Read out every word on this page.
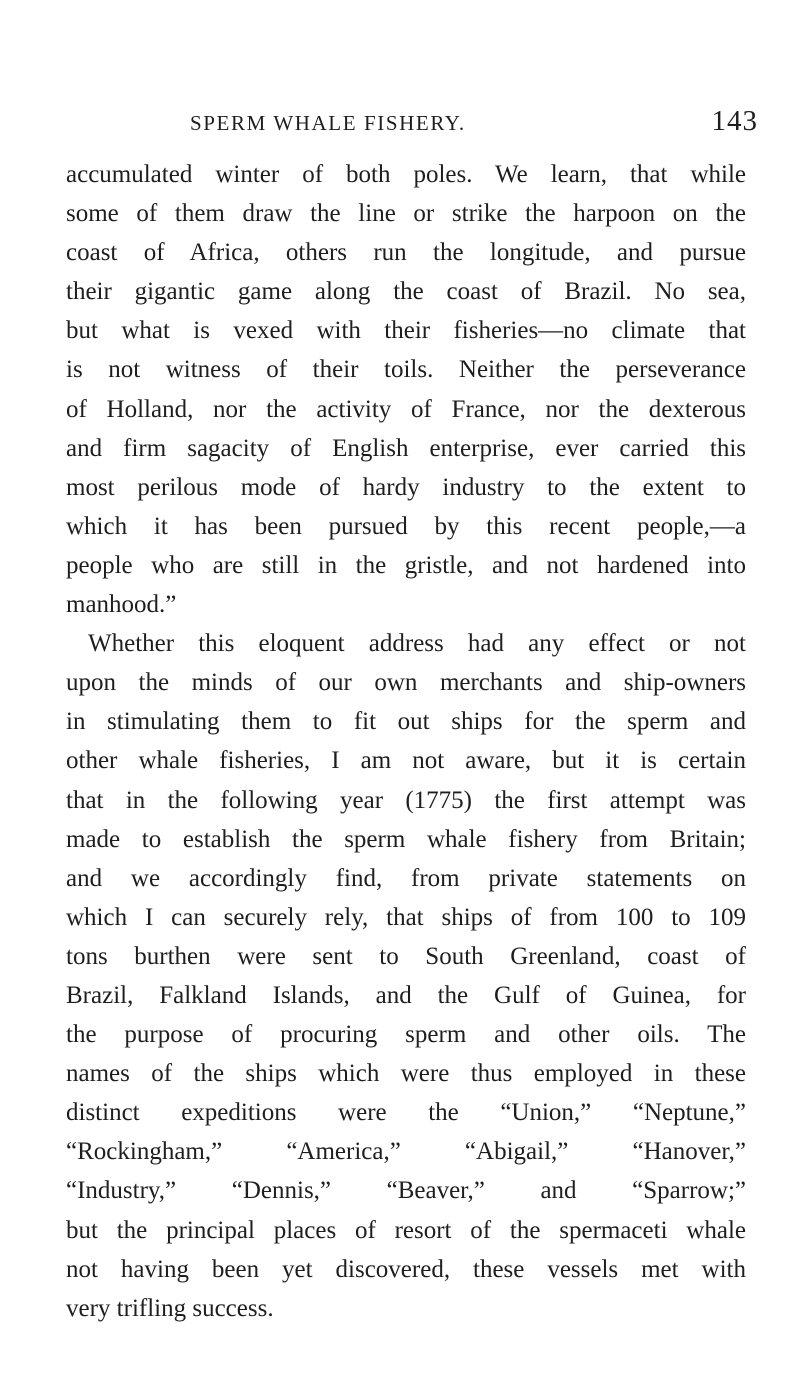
SPERM WHALE FISHERY.	143
accumulated winter of both poles. We learn, that while
some of them draw the line or strike the harpoon on the
coast of Africa, others run the longitude, and pursue
their gigantic game along the coast of Brazil. No sea,
but what is vexed with their fisheries—no climate that
is not witness of their toils. Neither the perseverance
of Holland, nor the activity of France, nor the dexterous
and firm sagacity of English enterprise, ever carried this
most perilous mode of hardy industry to the extent to
which it has been pursued by this recent people,—a
people who are still in the gristle, and not hardened into
manhood.”
Whether this eloquent address had any effect or not
upon the minds of our own merchants and ship-owners
in stimulating them to fit out ships for the sperm and
other whale fisheries, I am not aware, but it is certain
that in the following year (1775) the first attempt was
made to establish the sperm whale fishery from Britain;
and we accordingly find, from private statements on
which I can securely rely, that ships of from 100 to 109
tons burthen were sent to South Greenland, coast of
Brazil, Falkland Islands, and the Gulf of Guinea, for
the purpose of procuring sperm and other oils. The
names of the ships which were thus employed in these
distinct expeditions were the “Union,” “Neptune,”
“Rockingham,” “America,” “Abigail,” “Hanover,”
“Industry,” “Dennis,” “Beaver,” and “Sparrow;”
but the principal places of resort of the spermaceti whale
not having been yet discovered, these vessels met with
very trifling success.
